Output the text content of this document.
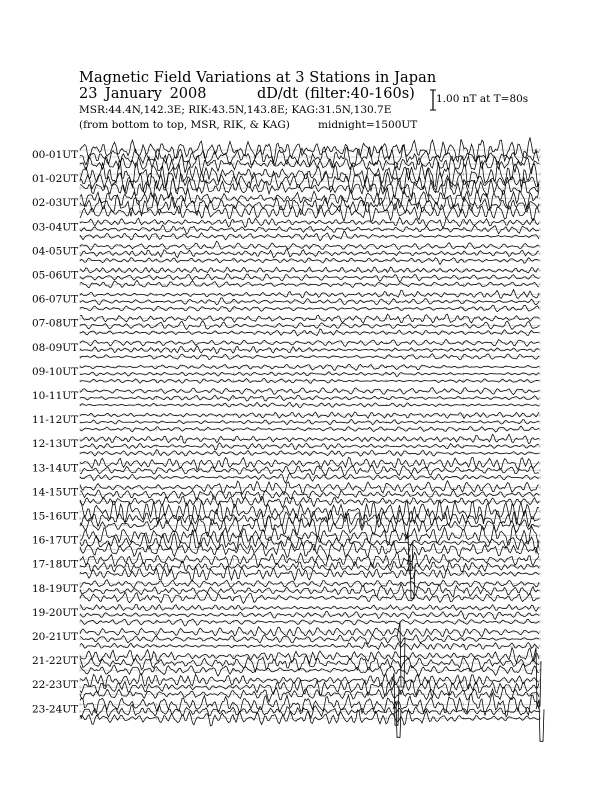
Magnetic Field Variations at 3 Stations in Japan
23 January 2008	dD/dt (filter:40-160s)
MSR:44.4N,142.3E; RIK:43.5N,143.8E; KAG:31.5N,130.7E
(from bottom to top, MSR, RIK, & KAG)	midnight=1500UT
1.00 nT at T=80s
00-01UT
01-02UT
02-03UT
03-04UT
04-05UT
05-06UT
06-07UT
07-08UT
08-09UT
09-10UT
10-11UT
11-12UT
12-13UT
13-14UT
14-15UT
15-16UT
16-17UT
17-18UT
18-19UT
19-20UT
20-21UT
21-22UT
22-23UT
23-24UT
